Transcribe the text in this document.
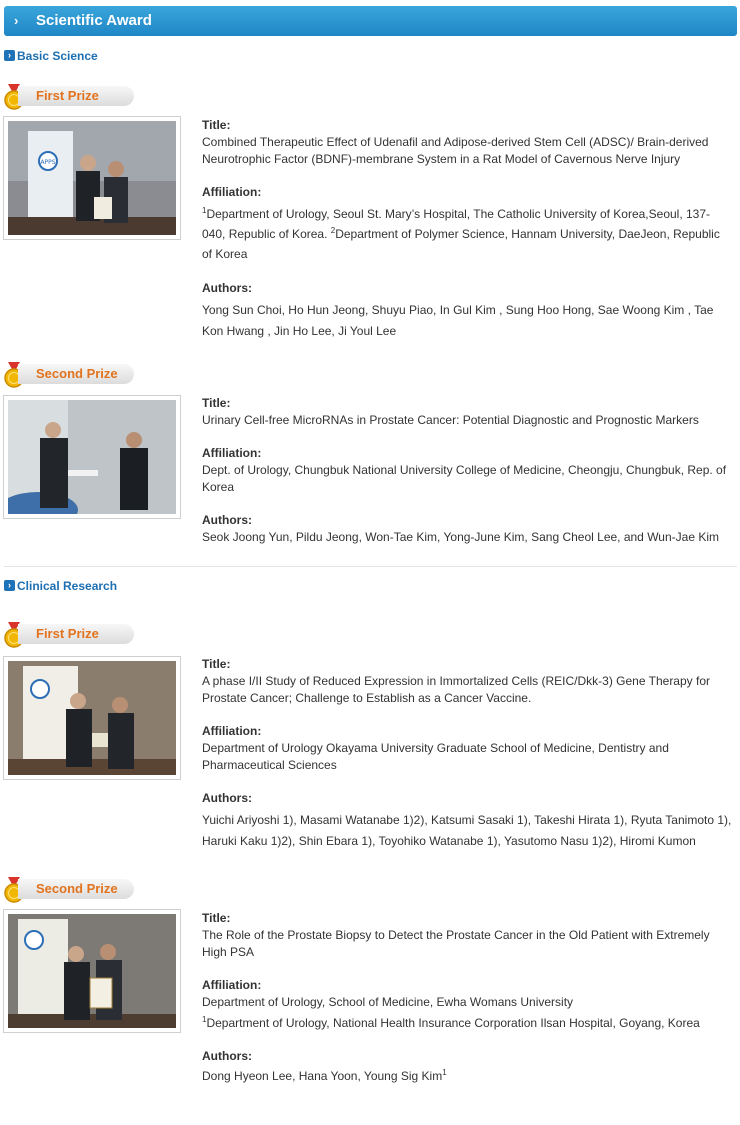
› Scientific Award
› Basic Science
First Prize
APPS

Title:

Combined Therapeutic Effect of Udenafil and Adipose-derived Stem Cell (ADSC)/ Brain-derived Neurotrophic Factor (BDNF)-membrane System in a Rat Model of Cavernous Nerve Injury

Affiliation:

$^1$Department of Urology, Seoul St. Mary’s Hospital, The Catholic University of Korea,Seoul, 137-040, Republic of Korea. $^2$Department of Polymer Science, Hannam University, DaeJeon, Republic of Korea

Authors:

Yong Sun Choi, Ho Hun Jeong, Shuyu Piao, In Gul Kim , Sung Hoo Hong, Sae Woong Kim , Tae Kon Hwang , Jin Ho Lee, Ji Youl Lee

Second Prize

Title:

Urinary Cell-free MicroRNAs in Prostate Cancer: Potential Diagnostic and Prognostic Markers

Affiliation:

Dept. of Urology, Chungbuk National University College of Medicine, Cheongju, Chungbuk, Rep. of Korea

Authors:

Seok Joong Yun, Pildu Jeong, Won-Tae Kim, Yong-June Kim, Sang Cheol Lee, and Wun-Jae Kim

› Clinical Research
First Prize

Title:

A phase I/II Study of Reduced Expression in Immortalized Cells (REIC/Dkk-3) Gene Therapy for Prostate Cancer; Challenge to Establish as a Cancer Vaccine.

Affiliation:

Department of Urology Okayama University Graduate School of Medicine, Dentistry and Pharmaceutical Sciences

Authors:

Yuichi Ariyoshi 1), Masami Watanabe 1)2), Katsumi Sasaki 1), Takeshi Hirata 1), Ryuta Tanimoto 1), Haruki Kaku 1)2), Shin Ebara 1), Toyohiko Watanabe 1), Yasutomo Nasu 1)2), Hiromi Kumon

Second Prize

Title:

The Role of the Prostate Biopsy to Detect the Prostate Cancer in the Old Patient with Extremely High PSA

Affiliation:

Department of Urology, School of Medicine, Ewha Womans University

$^1$Department of Urology, National Health Insurance Corporation Ilsan Hospital, Goyang, Korea

Authors:

Dong Hyeon Lee, Hana Yoon, Young Sig Kim$^1$
